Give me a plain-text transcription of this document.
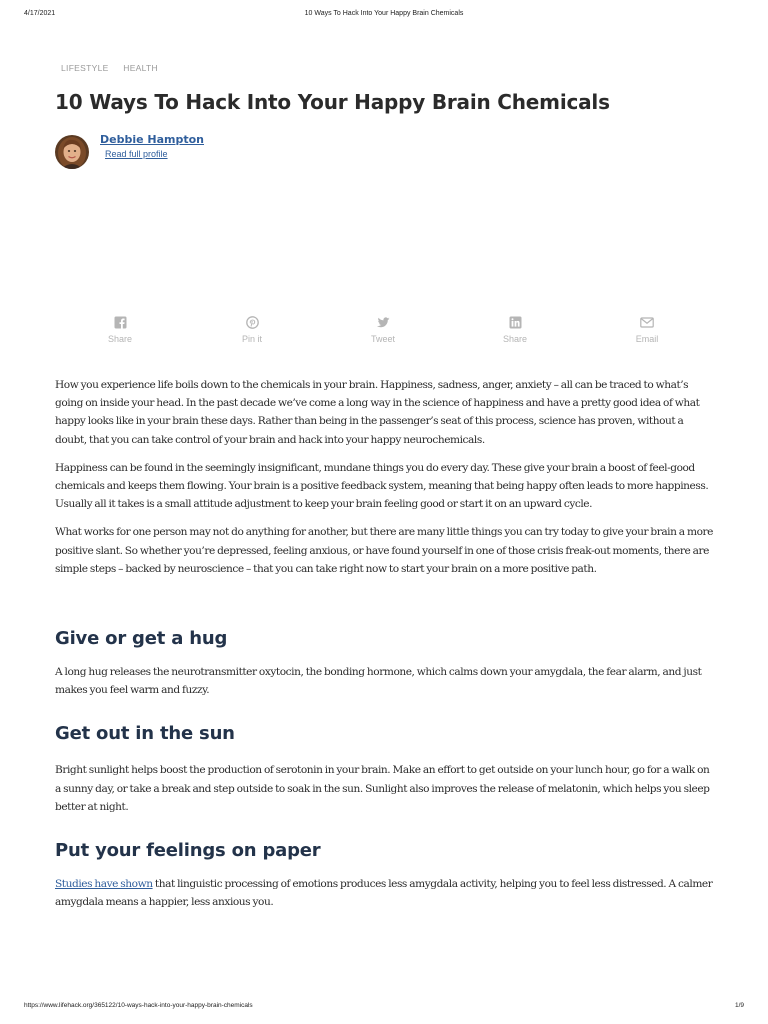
4/17/2021	10 Ways To Hack Into Your Happy Brain Chemicals
LIFESTYLE HEALTH
10 Ways To Hack Into Your Happy Brain Chemicals
Debbie Hampton
Read full profile
Share	Pin it	Tweet	Share	Email

How you experience life boils down to the chemicals in your brain. Happiness, sadness, anger, anxiety – all can be traced to what’s going on inside your head. In the past decade we’ve come a long way in the science of happiness and have a pretty good idea of what happy looks like in your brain these days. Rather than being in the passenger’s seat of this process, science has proven, without a doubt, that you can take control of your brain and hack into your happy neurochemicals.

Happiness can be found in the seemingly insignificant, mundane things you do every day. These give your brain a boost of feel-good chemicals and keeps them flowing. Your brain is a positive feedback system, meaning that being happy often leads to more happiness. Usually all it takes is a small attitude adjustment to keep your brain feeling good or start it on an upward cycle.

What works for one person may not do anything for another, but there are many little things you can try today to give your brain a more positive slant. So whether you’re depressed, feeling anxious, or have found yourself in one of those crisis freak-out moments, there are simple steps – backed by neuroscience – that you can take right now to start your brain on a more positive path.

Give or get a hug

A long hug releases the neurotransmitter oxytocin, the bonding hormone, which calms down your amygdala, the fear alarm, and just makes you feel warm and fuzzy.

Get out in the sun

Bright sunlight helps boost the production of serotonin in your brain. Make an effort to get outside on your lunch hour, go for a walk on a sunny day, or take a break and step outside to soak in the sun. Sunlight also improves the release of melatonin, which helps you sleep better at night.

Put your feelings on paper

Studies have shown that linguistic processing of emotions produces less amygdala activity, helping you to feel less distressed. A calmer amygdala means a happier, less anxious you.

https://www.lifehack.org/365122/10-ways-hack-into-your-happy-brain-chemicals	1/9
